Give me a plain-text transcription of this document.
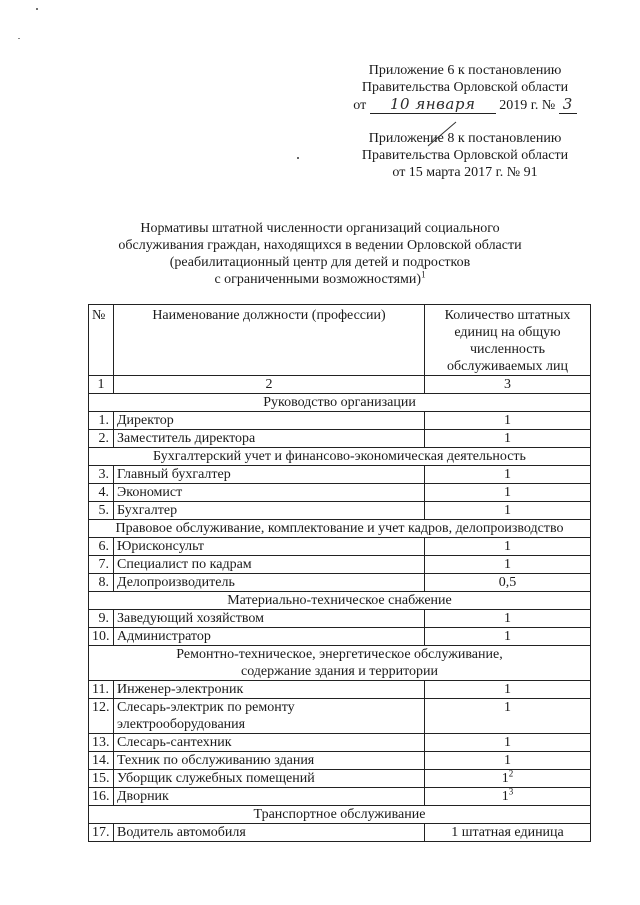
Приложение 6 к постановлению
Правительства Орловской области
от 10 января 2019 г. № 3
Приложение 8 к постановлению
Правительства Орловской области
от 15 марта 2017 г. № 91
Нормативы штатной численности организаций социального
обслуживания граждан, находящихся в ведении Орловской области
(реабилитационный центр для детей и подростков
с ограниченными возможностями)$^1$
№	Наименование должности (профессии)	Количество штатных единиц на общую численность обслуживаемых лиц
1	2	3
Руководство организации		
1.	Директор	1
2.	Заместитель директора	1
Бухгалтерский учет и финансово-экономическая деятельность		
3.	Главный бухгалтер	1
4.	Экономист	1
5.	Бухгалтер	1
Правовое обслуживание, комплектование и учет кадров, делопроизводство		
6.	Юрисконсульт	1
7.	Специалист по кадрам	1
8.	Делопроизводитель	0,5
Материально-техническое снабжение		
9.	Заведующий хозяйством	1
10.	Администратор	1

Ремонтно-техническое, энергетическое обслуживание,
содержание здания и территории		

11.	Инженер-электроник	1
12.	Слесарь-электрик по ремонту электрооборудования	1
13.	Слесарь-сантехник	1
14.	Техник по обслуживанию здания	1
15.	Уборщик служебных помещений	$1^2$
16.	Дворник	$1^3$
Транспортное обслуживание		
17.	Водитель автомобиля	1 штатная единица
